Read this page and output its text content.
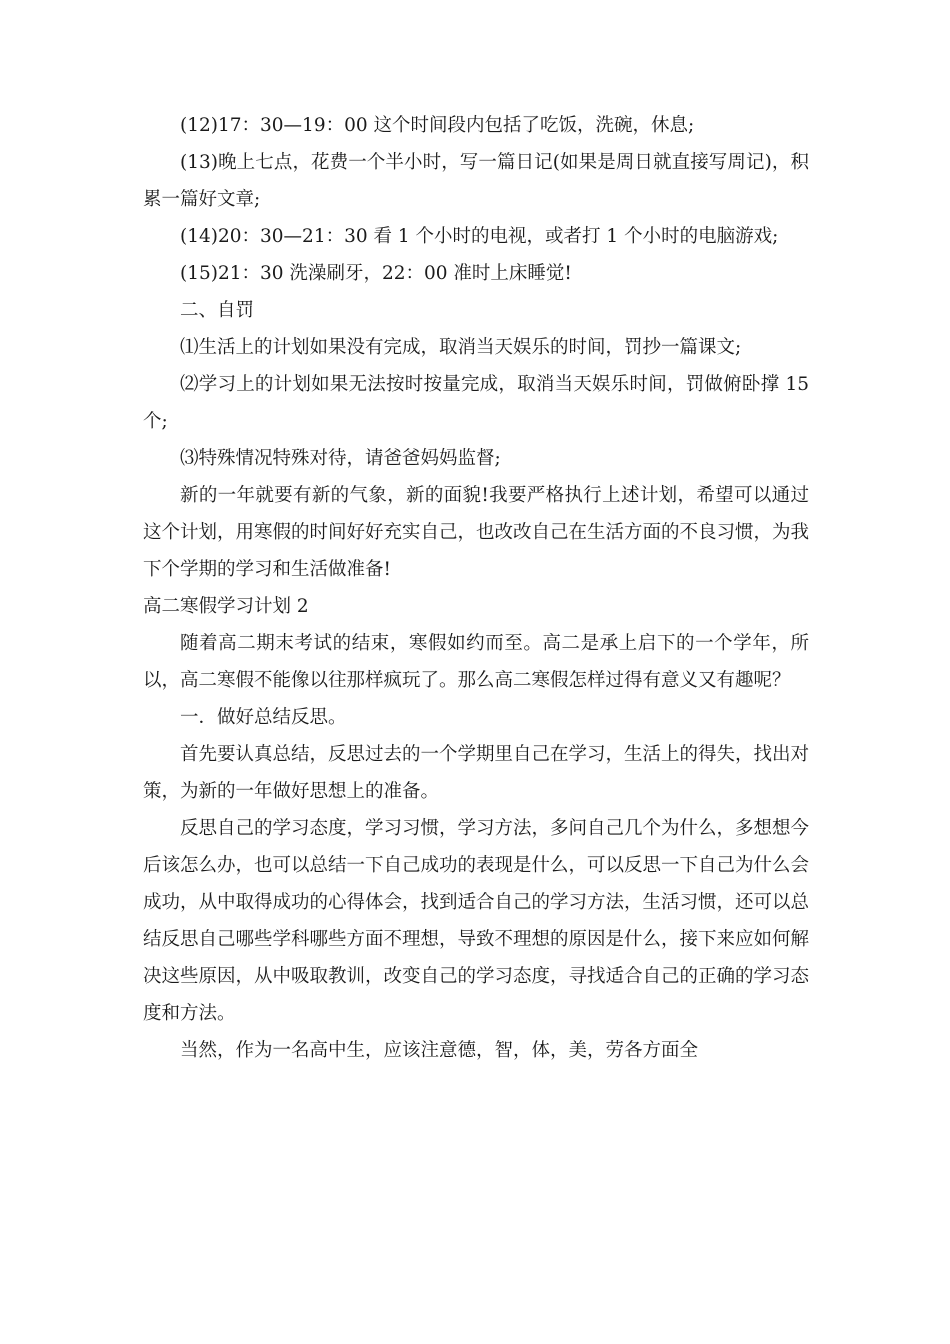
(12)17：30—19：00 这个时间段内包括了吃饭，洗碗，休息;

(13)晚上七点，花费一个半小时，写一篇日记(如果是周日就直接写周记)，积累一篇好文章;

(14)20：30—21：30 看 1 个小时的电视，或者打 1 个小时的电脑游戏;

(15)21：30 洗澡刷牙，22：00 准时上床睡觉!

二、自罚

⑴生活上的计划如果没有完成，取消当天娱乐的时间，罚抄一篇课文;

⑵学习上的计划如果无法按时按量完成，取消当天娱乐时间，罚做俯卧撑 15 个;

⑶特殊情况特殊对待，请爸爸妈妈监督;

新的一年就要有新的气象，新的面貌!我要严格执行上述计划，希望可以通过这个计划，用寒假的时间好好充实自己，也改改自己在生活方面的不良习惯，为我下个学期的学习和生活做准备!

高二寒假学习计划 2

随着高二期末考试的结束，寒假如约而至。高二是承上启下的一个学年，所以，高二寒假不能像以往那样疯玩了。那么高二寒假怎样过得有意义又有趣呢？

一．做好总结反思。

首先要认真总结，反思过去的一个学期里自己在学习，生活上的得失，找出对策，为新的一年做好思想上的准备。

反思自己的学习态度，学习习惯，学习方法，多问自己几个为什么，多想想今后该怎么办，也可以总结一下自己成功的表现是什么，可以反思一下自己为什么会成功，从中取得成功的心得体会，找到适合自己的学习方法，生活习惯，还可以总结反思自己哪些学科哪些方面不理想，导致不理想的原因是什么，接下来应如何解决这些原因，从中吸取教训，改变自己的学习态度，寻找适合自己的正确的学习态度和方法。

当然，作为一名高中生，应该注意德，智，体，美，劳各方面全
